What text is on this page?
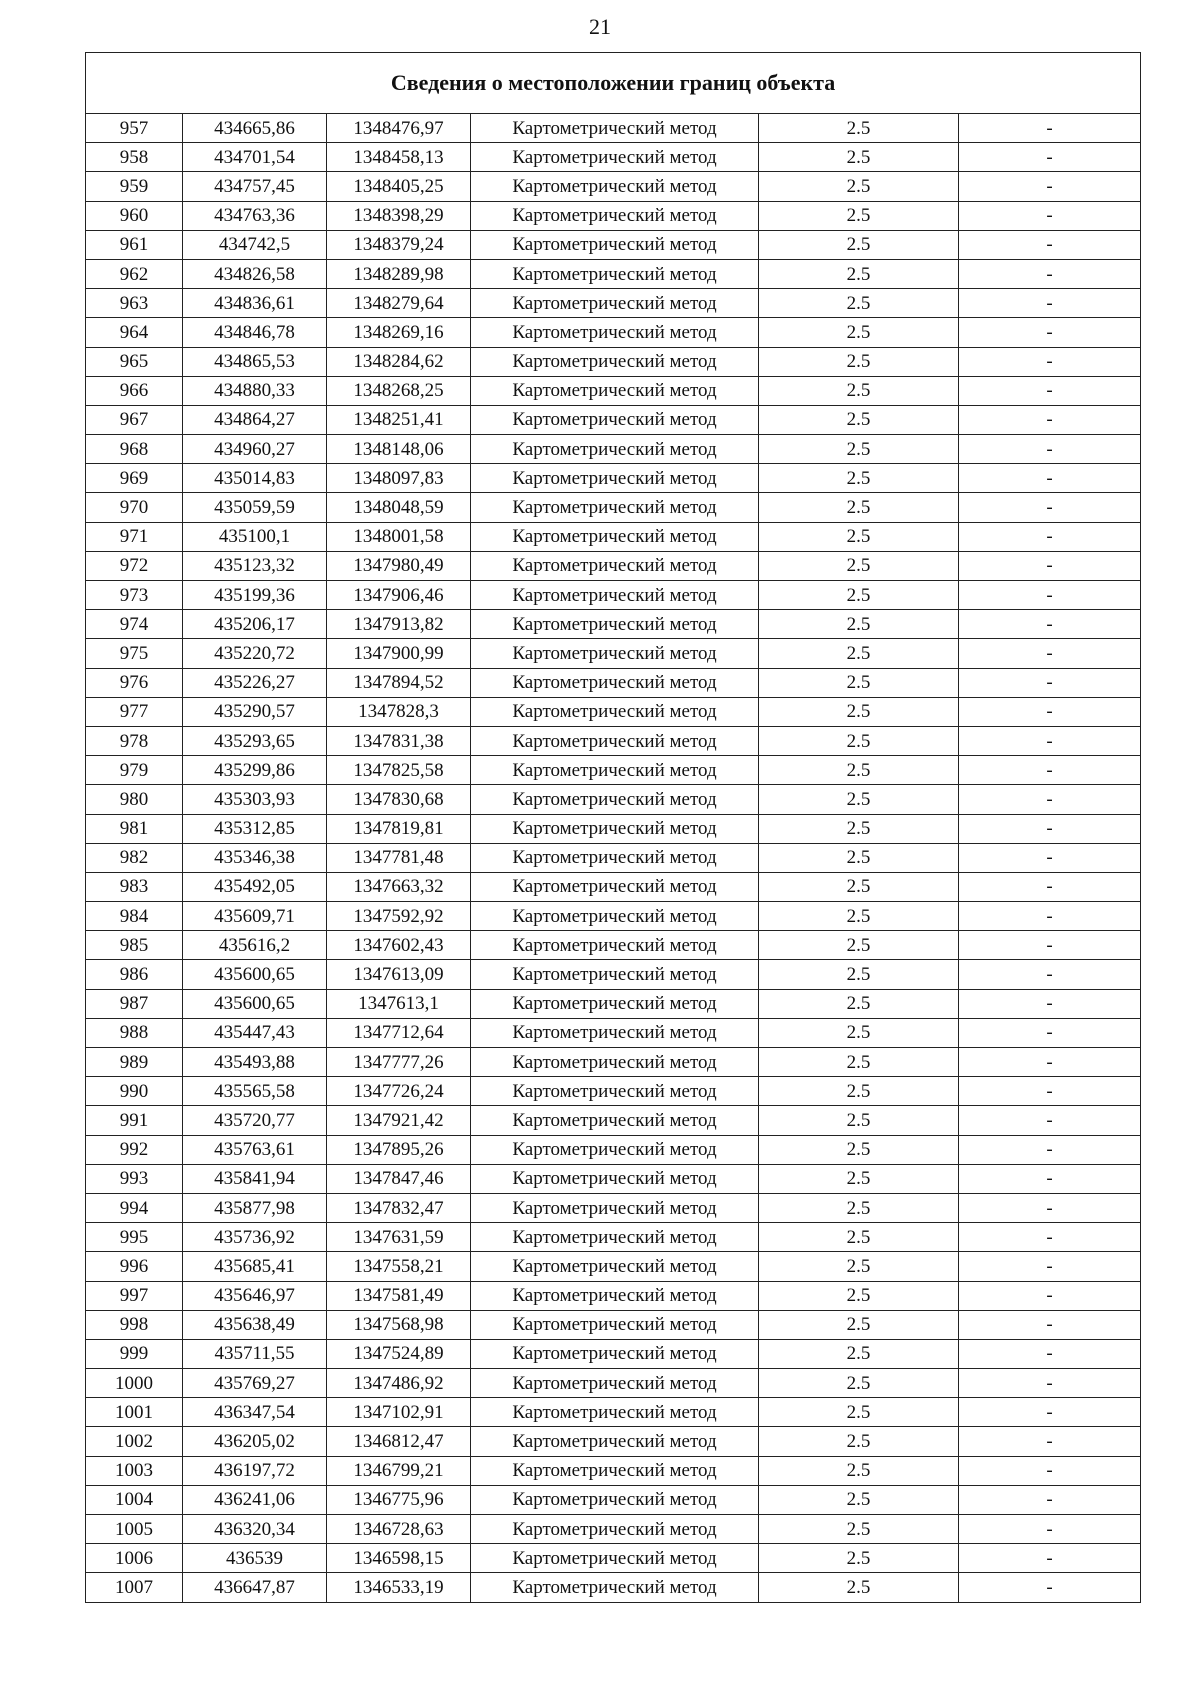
21
Сведения о местоположении границ объекта					
957	434665,86	1348476,97	Картометрический метод	2.5	-
958	434701,54	1348458,13	Картометрический метод	2.5	-
959	434757,45	1348405,25	Картометрический метод	2.5	-
960	434763,36	1348398,29	Картометрический метод	2.5	-
961	434742,5	1348379,24	Картометрический метод	2.5	-
962	434826,58	1348289,98	Картометрический метод	2.5	-
963	434836,61	1348279,64	Картометрический метод	2.5	-
964	434846,78	1348269,16	Картометрический метод	2.5	-
965	434865,53	1348284,62	Картометрический метод	2.5	-
966	434880,33	1348268,25	Картометрический метод	2.5	-
967	434864,27	1348251,41	Картометрический метод	2.5	-
968	434960,27	1348148,06	Картометрический метод	2.5	-
969	435014,83	1348097,83	Картометрический метод	2.5	-
970	435059,59	1348048,59	Картометрический метод	2.5	-
971	435100,1	1348001,58	Картометрический метод	2.5	-
972	435123,32	1347980,49	Картометрический метод	2.5	-
973	435199,36	1347906,46	Картометрический метод	2.5	-
974	435206,17	1347913,82	Картометрический метод	2.5	-
975	435220,72	1347900,99	Картометрический метод	2.5	-
976	435226,27	1347894,52	Картометрический метод	2.5	-
977	435290,57	1347828,3	Картометрический метод	2.5	-
978	435293,65	1347831,38	Картометрический метод	2.5	-
979	435299,86	1347825,58	Картометрический метод	2.5	-
980	435303,93	1347830,68	Картометрический метод	2.5	-
981	435312,85	1347819,81	Картометрический метод	2.5	-
982	435346,38	1347781,48	Картометрический метод	2.5	-
983	435492,05	1347663,32	Картометрический метод	2.5	-
984	435609,71	1347592,92	Картометрический метод	2.5	-
985	435616,2	1347602,43	Картометрический метод	2.5	-
986	435600,65	1347613,09	Картометрический метод	2.5	-
987	435600,65	1347613,1	Картометрический метод	2.5	-
988	435447,43	1347712,64	Картометрический метод	2.5	-
989	435493,88	1347777,26	Картометрический метод	2.5	-
990	435565,58	1347726,24	Картометрический метод	2.5	-
991	435720,77	1347921,42	Картометрический метод	2.5	-
992	435763,61	1347895,26	Картометрический метод	2.5	-
993	435841,94	1347847,46	Картометрический метод	2.5	-
994	435877,98	1347832,47	Картометрический метод	2.5	-
995	435736,92	1347631,59	Картометрический метод	2.5	-
996	435685,41	1347558,21	Картометрический метод	2.5	-
997	435646,97	1347581,49	Картометрический метод	2.5	-
998	435638,49	1347568,98	Картометрический метод	2.5	-
999	435711,55	1347524,89	Картометрический метод	2.5	-
1000	435769,27	1347486,92	Картометрический метод	2.5	-
1001	436347,54	1347102,91	Картометрический метод	2.5	-
1002	436205,02	1346812,47	Картометрический метод	2.5	-
1003	436197,72	1346799,21	Картометрический метод	2.5	-
1004	436241,06	1346775,96	Картометрический метод	2.5	-
1005	436320,34	1346728,63	Картометрический метод	2.5	-
1006	436539	1346598,15	Картометрический метод	2.5	-
1007	436647,87	1346533,19	Картометрический метод	2.5	-
